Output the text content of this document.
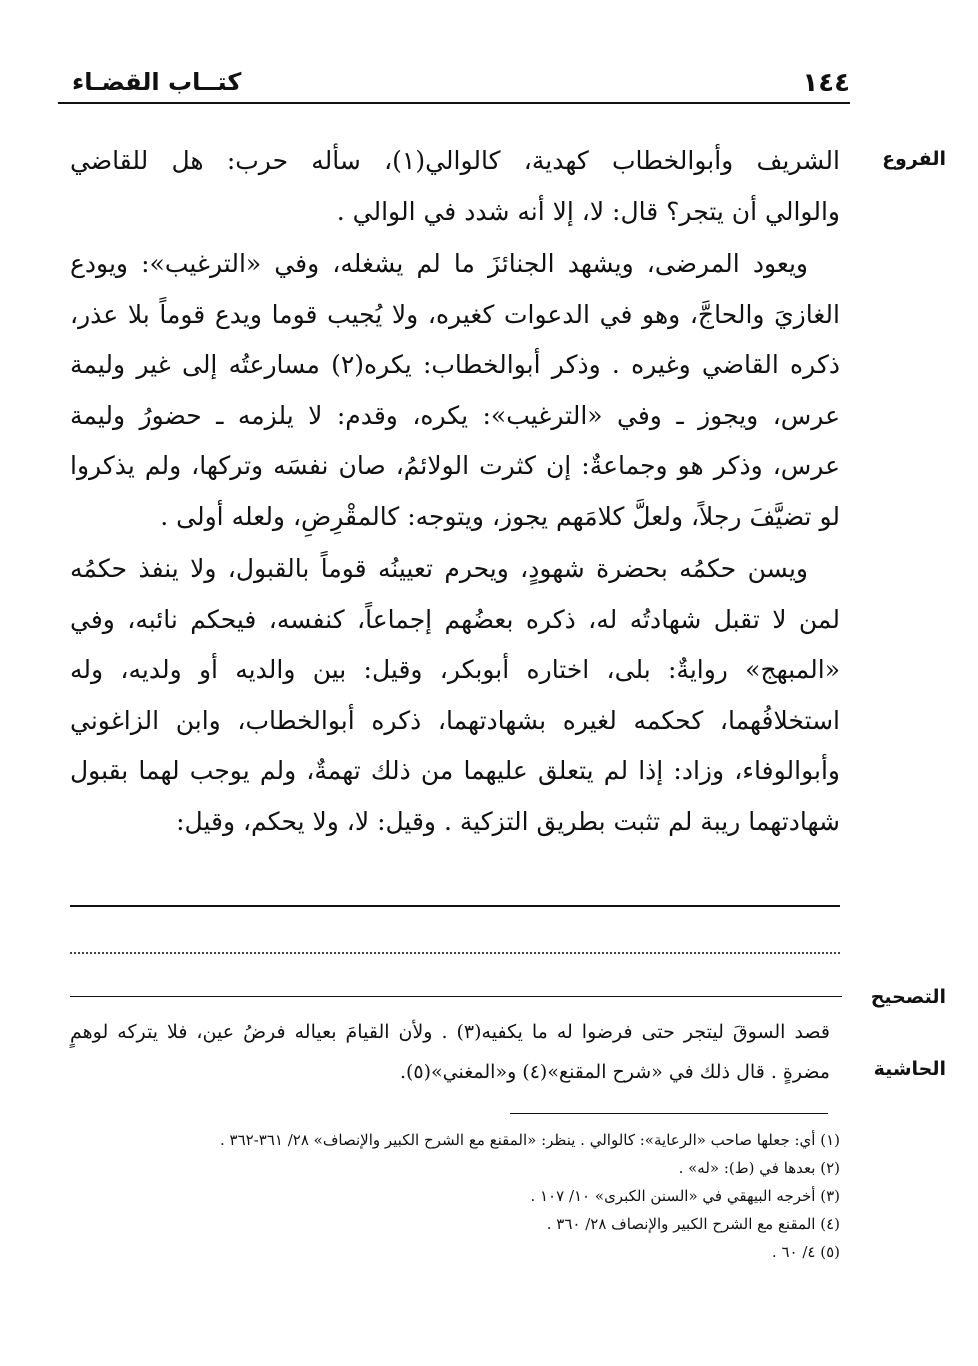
١٤٤
كتــاب القضـاء
الفروع
التصحيح
الحاشية

الشريف وأبوالخطاب كهدية، كالوالي(١)، سأله حرب: هل للقاضي

والوالي أن يتجر؟ قال: لا، إلا أنه شدد في الوالي .

ويعود المرضى، ويشهد الجنائزَ ما لم يشغله، وفي «الترغيب»: ويودع الغازيَ والحاجَّ، وهو في الدعوات كغيره، ولا يُجيب قوما ويدع قوماً بلا عذر، ذكره القاضي وغيره . وذكر أبوالخطاب: يكره(٢) مسارعتُه إلى غير وليمة عرس، ويجوز ـ وفي «الترغيب»: يكره، وقدم: لا يلزمه ـ حضورُ وليمة عرس، وذكر هو وجماعةٌ: إن كثرت الولائمُ، صان نفسَه وتركها، ولم يذكروا لو تضيَّفَ رجلاً، ولعلَّ كلامَهم يجوز، ويتوجه: كالمقْرِضِ، ولعله أولى .

ويسن حكمُه بحضرة شهودٍ، ويحرم تعيينُه قوماً بالقبول، ولا ينفذ حكمُه لمن لا تقبل شهادتُه له، ذكره بعضُهم إجماعاً، كنفسه، فيحكم نائبه، وفي «المبهج» روايةٌ: بلى، اختاره أبوبكر، وقيل: بين والديه أو ولديه، وله استخلافُهما، كحكمه لغيره بشهادتهما، ذكره أبوالخطاب، وابن الزاغوني وأبوالوفاء، وزاد: إذا لم يتعلق عليهما من ذلك تهمةٌ، ولم يوجب لهما بقبول شهادتهما ريبة لم تثبت بطريق التزكية . وقيل: لا، ولا يحكم، وقيل:

قصد السوقَ ليتجر حتى فرضوا له ما يكفيه(٣) . ولأن القيامَ بعياله فرضُ عين، فلا يتركه لوهمٍ

مضرةٍ . قال ذلك في «شرح المقنع»(٤) و«المغني»(٥).

(١) أي: جعلها صاحب «الرعاية»: كالوالي . ينظر: «المقنع مع الشرح الكبير والإنصاف» ٢٨/ ٣٦١-٣٦٢ .

(٢) بعدها في (ط): «له» .

(٣) أخرجه البيهقي في «السنن الكبرى» ١٠/ ١٠٧ .

(٤) المقنع مع الشرح الكبير والإنصاف ٢٨/ ٣٦٠ .

(٥) ٤/ ٦٠ .
